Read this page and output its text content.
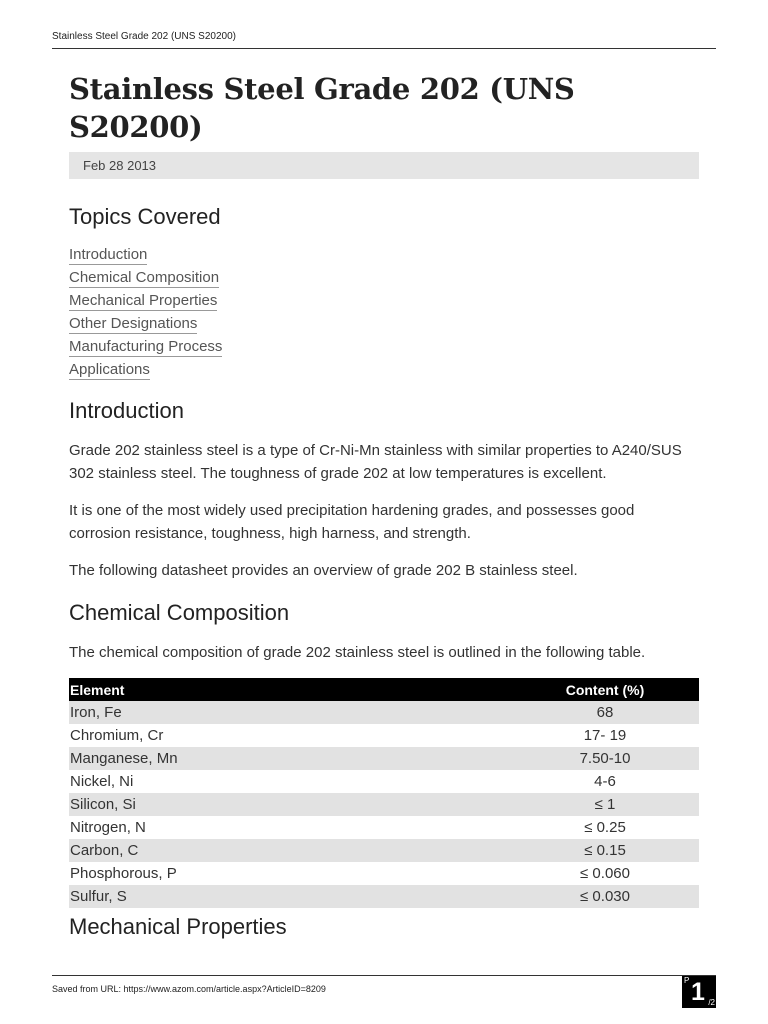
Stainless Steel Grade 202 (UNS S20200)
Stainless Steel Grade 202 (UNS S20200)
Feb 28 2013
Topics Covered
Introduction
Chemical Composition
Mechanical Properties
Other Designations
Manufacturing Process
Applications
Introduction

Grade 202 stainless steel is a type of Cr-Ni-Mn stainless with similar properties to A240/SUS 302 stainless steel. The toughness of grade 202 at low temperatures is excellent.

It is one of the most widely used precipitation hardening grades, and possesses good corrosion resistance, toughness, high harness, and strength.

The following datasheet provides an overview of grade 202 B stainless steel.

Chemical Composition

The chemical composition of grade 202 stainless steel is outlined in the following table.

Element	Content (%)
Iron, Fe	68
Chromium, Cr	17- 19
Manganese, Mn	7.50-10
Nickel, Ni	4-6
Silicon, Si	≤ 1
Nitrogen, N	≤ 0.25
Carbon, C	≤ 0.15
Phosphorous, P	≤ 0.060
Sulfur, S	≤ 0.030
Mechanical Properties
Saved from URL: https://www.azom.com/article.aspx?ArticleID=8209
P 1 /2
